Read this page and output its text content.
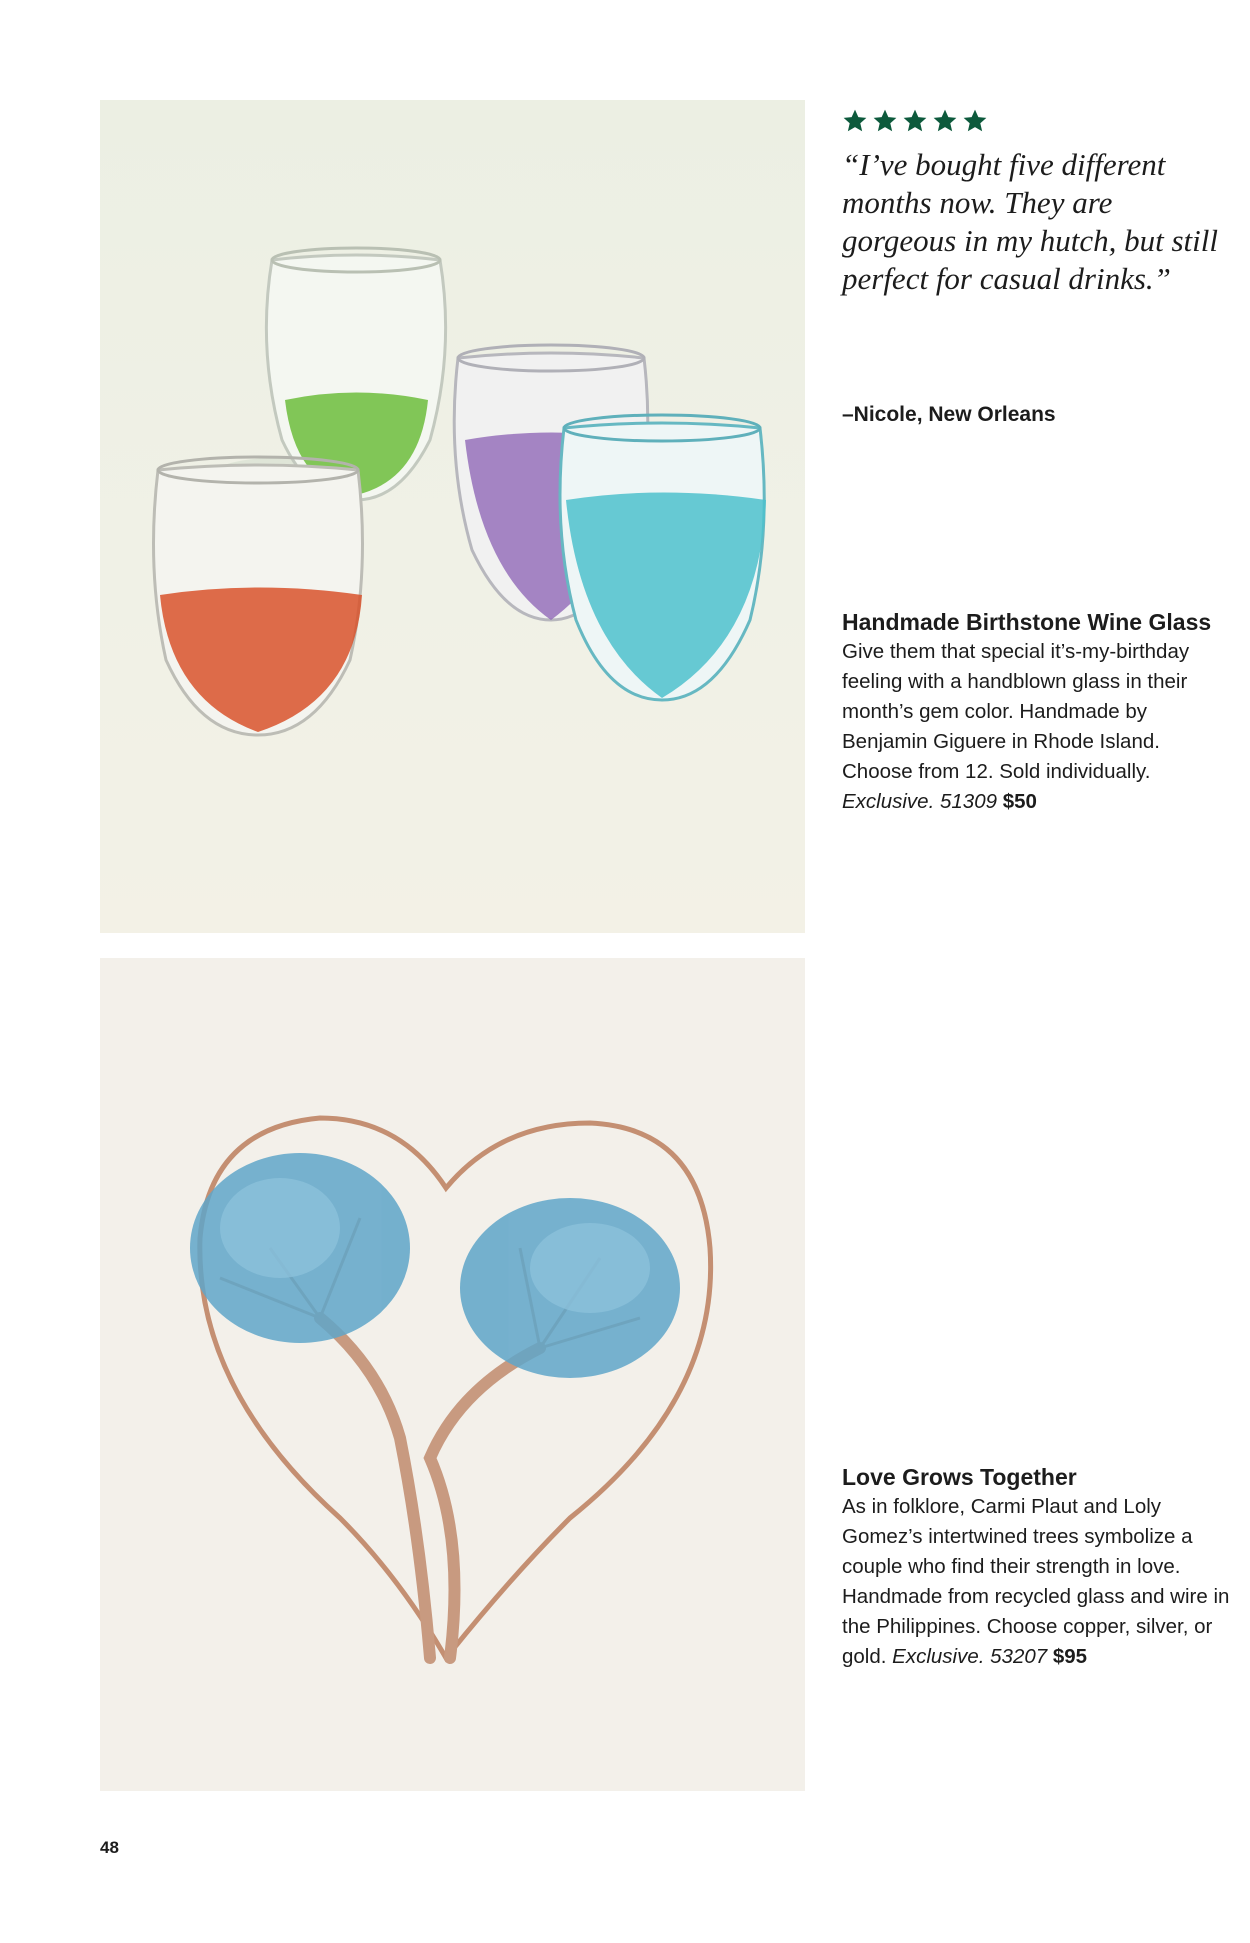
“I’ve bought five different months now. They are gorgeous in my hutch, but still perfect for casual drinks.”

–Nicole, New Orleans

Handmade Birthstone Wine Glass

Give them that special it’s-my-birthday feeling with a handblown glass in their month’s gem color. Handmade by Benjamin Giguere in Rhode Island. Choose from 12. Sold individually. Exclusive. 51309 $50

Love Grows Together

As in folklore, Carmi Plaut and Loly Gomez’s intertwined trees symbolize a couple who find their strength in love. Handmade from recycled glass and wire in the Philippines. Choose copper, silver, or gold. Exclusive. 53207 $95

48
